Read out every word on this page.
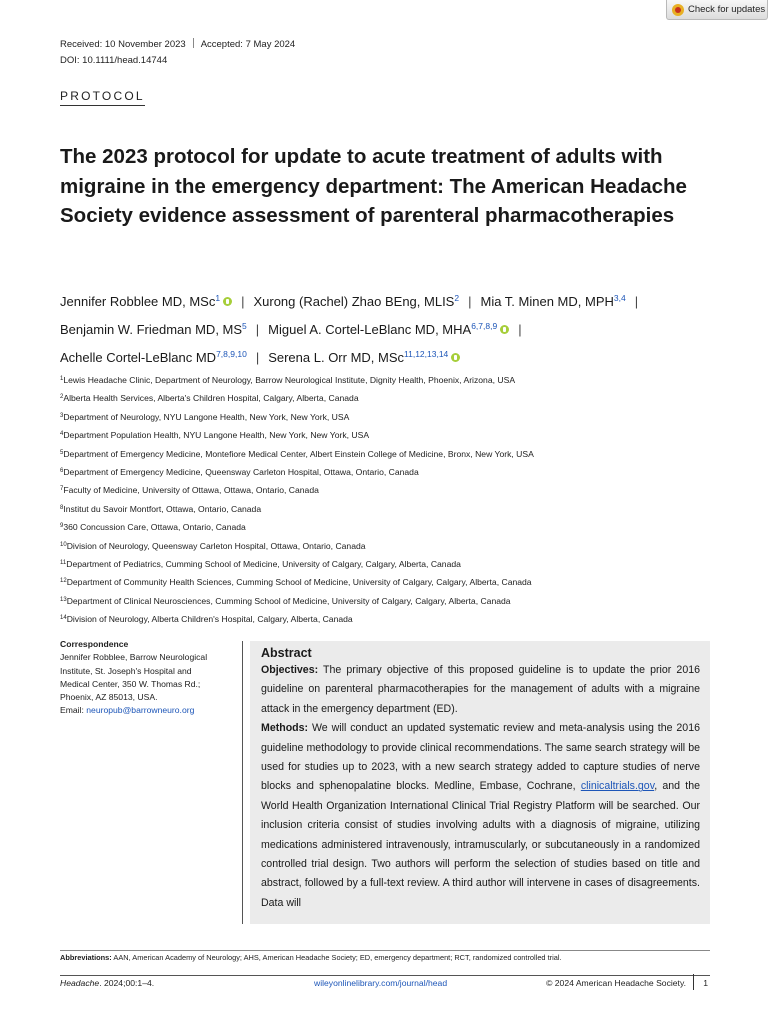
Check for updates
Received: 10 November 2023 Accepted: 7 May 2024
DOI: 10.1111/head.14744
PROTOCOL
The 2023 protocol for update to acute treatment of adults with migraine in the emergency department: The American Headache Society evidence assessment of parenteral pharmacotherapies
Jennifer Robblee MD, MSc$^1$ | Xurong (Rachel) Zhao BEng, MLIS$^2$ | Mia T. Minen MD, MPH$^{3,4}$ |
Benjamin W. Friedman MD, $MS^5$ | Miguel A. Cortel-LeBlanc MD, MHA$^{6,7,8,9}$ |
Achelle Cortel-LeBlanc MD$^{7,8,9,10}$ | Serena L. Orr MD, MSc$^{11,12,13,14}$
$^1$Lewis Headache Clinic, Department of Neurology, Barrow Neurological Institute, Dignity Health, Phoenix, Arizona, USA
$^2$Alberta Health Services, Alberta's Children Hospital, Calgary, Alberta, Canada
$^3$Department of Neurology, NYU Langone Health, New York, New York, USA
$^4$Department Population Health, NYU Langone Health, New York, New York, USA
$^5$Department of Emergency Medicine, Montefiore Medical Center, Albert Einstein College of Medicine, Bronx, New York, USA
$^6$Department of Emergency Medicine, Queensway Carleton Hospital, Ottawa, Ontario, Canada
$^7$Faculty of Medicine, University of Ottawa, Ottawa, Ontario, Canada
$^8$Institut du Savoir Montfort, Ottawa, Ontario, Canada
$^9$360 Concussion Care, Ottawa, Ontario, Canada
$^{10}$Division of Neurology, Queensway Carleton Hospital, Ottawa, Ontario, Canada
$^{11}$Department of Pediatrics, Cumming School of Medicine, University of Calgary, Calgary, Alberta, Canada
$^{12}$Department of Community Health Sciences, Cumming School of Medicine, University of Calgary, Calgary, Alberta, Canada
$^{13}$Department of Clinical Neurosciences, Cumming School of Medicine, University of Calgary, Calgary, Alberta, Canada
$^{14}$Division of Neurology, Alberta Children's Hospital, Calgary, Alberta, Canada
Correspondence
Jennifer Robblee, Barrow Neurological
Institute, St. Joseph's Hospital and
Medical Center, 350 W. Thomas Rd.;
Phoenix, AZ 85013, USA.
Email: neuropub@barrowneuro.org
Abstract

Objectives: The primary objective of this proposed guideline is to update the prior 2016 guideline on parenteral pharmacotherapies for the management of adults with a migraine attack in the emergency department (ED).

Methods: We will conduct an updated systematic review and meta-analysis using the 2016 guideline methodology to provide clinical recommendations. The same search strategy will be used for studies up to 2023, with a new search strategy added to capture studies of nerve blocks and sphenopalatine blocks. Medline, Embase, Cochrane, clinicaltrials.gov, and the World Health Organization International Clinical Trial Registry Platform will be searched. Our inclusion criteria consist of studies involving adults with a diagnosis of migraine, utilizing medications administered intravenously, intramuscularly, or subcutaneously in a randomized controlled trial design. Two authors will perform the selection of studies based on title and abstract, followed by a full-text review. A third author will intervene in cases of disagreements. Data will

Abbreviations: AAN, American Academy of Neurology; AHS, American Headache Society; ED, emergency department; RCT, randomized controlled trial.
Headache. 2024;00:1–4.	wileyonlinelibrary.com/journal/head	© 2024 American Headache Society. 1
